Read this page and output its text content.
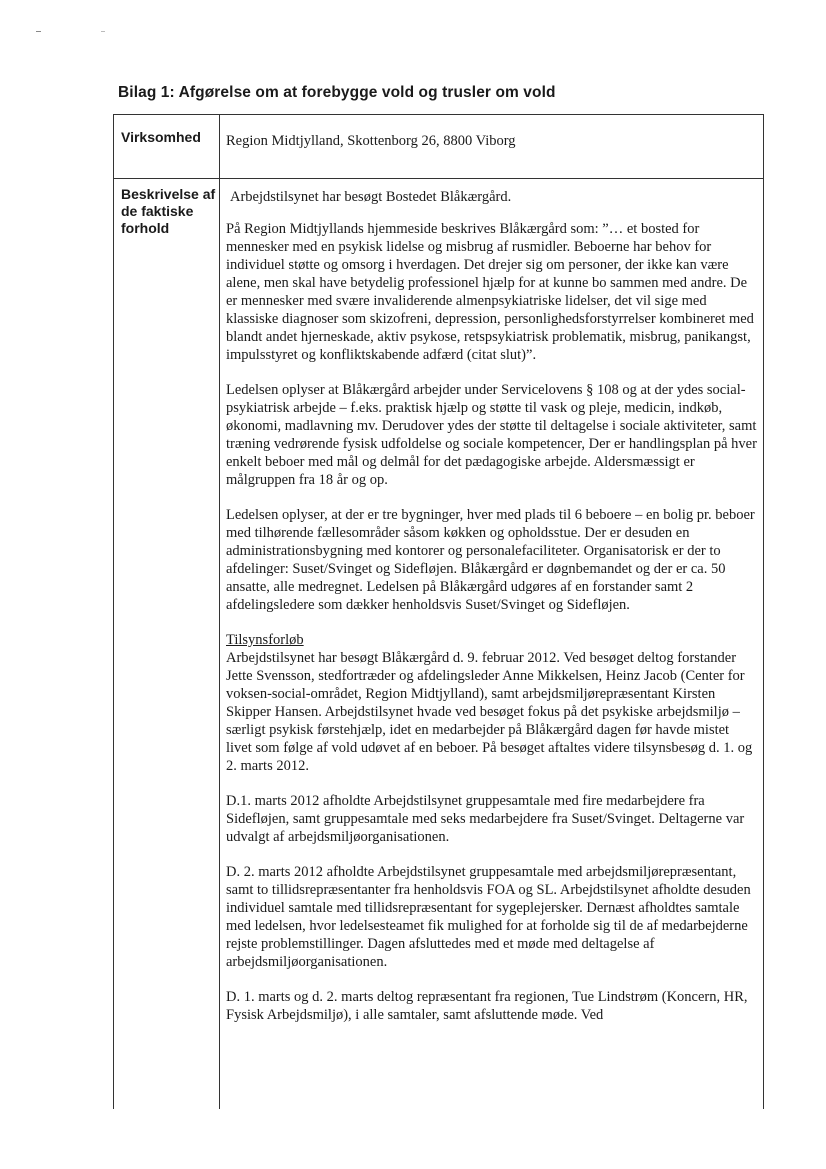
Bilag 1: Afgørelse om at forebygge vold og trusler om vold
Virksomhed Region Midtjylland, Skottenborg 26, 8800 Viborg
Beskrivelse af de faktiske forhold

Arbejdstilsynet har besøgt Bostedet Blåkærgård.

På Region Midtjyllands hjemmeside beskrives Blåkærgård som: ”… et bosted for mennesker med en psykisk lidelse og misbrug af rusmidler. Beboerne har behov for individuel støtte og omsorg i hverdagen. Det drejer sig om personer, der ikke kan være alene, men skal have betydelig professionel hjælp for at kunne bo sammen med andre. De er mennesker med svære invaliderende almenpsykiatriske lidelser, det vil sige med klassiske diagnoser som skizofreni, depression, personlighedsforstyrrelser kombineret med blandt andet hjerneskade, aktiv psykose, retspsykiatrisk problematik, misbrug, panikangst, impulsstyret og konfliktskabende adfærd (citat slut)”.

Ledelsen oplyser at Blåkærgård arbejder under Servicelovens § 108 og at der ydes social-psykiatrisk arbejde – f.eks. praktisk hjælp og støtte til vask og pleje, medicin, indkøb, økonomi, madlavning mv. Derudover ydes der støtte til deltagelse i sociale aktiviteter, samt træning vedrørende fysisk udfoldelse og sociale kompetencer, Der er handlingsplan på hver enkelt beboer med mål og delmål for det pædagogiske arbejde. Aldersmæssigt er målgruppen fra 18 år og op.

Ledelsen oplyser, at der er tre bygninger, hver med plads til 6 beboere – en bolig pr. beboer med tilhørende fællesområder såsom køkken og opholdsstue. Der er desuden en administrationsbygning med kontorer og personalefaciliteter. Organisatorisk er der to afdelinger: Suset/Svinget og Sidefløjen. Blåkærgård er døgnbemandet og der er ca. 50 ansatte, alle medregnet. Ledelsen på Blåkærgård udgøres af en forstander samt 2 afdelingsledere som dækker henholdsvis Suset/Svinget og Sidefløjen.

Tilsynsforløb
Arbejdstilsynet har besøgt Blåkærgård d. 9. februar 2012. Ved besøget deltog forstander Jette Svensson, stedfortræder og afdelingsleder Anne Mikkelsen, Heinz Jacob (Center for voksen-social-området, Region Midtjylland), samt arbejdsmiljørepræsentant Kirsten Skipper Hansen. Arbejdstilsynet hvade ved besøget fokus på det psykiske arbejdsmiljø – særligt psykisk førstehjælp, idet en medarbejder på Blåkærgård dagen før havde mistet livet som følge af vold udøvet af en beboer. På besøget aftaltes videre tilsynsbesøg d. 1. og 2. marts 2012.

D.1. marts 2012 afholdte Arbejdstilsynet gruppesamtale med fire medarbejdere fra Sidefløjen, samt gruppesamtale med seks medarbejdere fra Suset/Svinget. Deltagerne var udvalgt af arbejdsmiljøorganisationen.

D. 2. marts 2012 afholdte Arbejdstilsynet gruppesamtale med arbejdsmiljørepræsentant, samt to tillidsrepræsentanter fra henholdsvis FOA og SL. Arbejdstilsynet afholdte desuden individuel samtale med tillidsrepræsentant for sygeplejersker. Dernæst afholdtes samtale med ledelsen, hvor ledelsesteamet fik mulighed for at forholde sig til de af medarbejderne rejste problemstillinger. Dagen afsluttedes med et møde med deltagelse af arbejdsmiljøorganisationen.

D. 1. marts og d. 2. marts deltog repræsentant fra regionen, Tue Lindstrøm (Koncern, HR, Fysisk Arbejdsmiljø), i alle samtaler, samt afsluttende møde. Ved
